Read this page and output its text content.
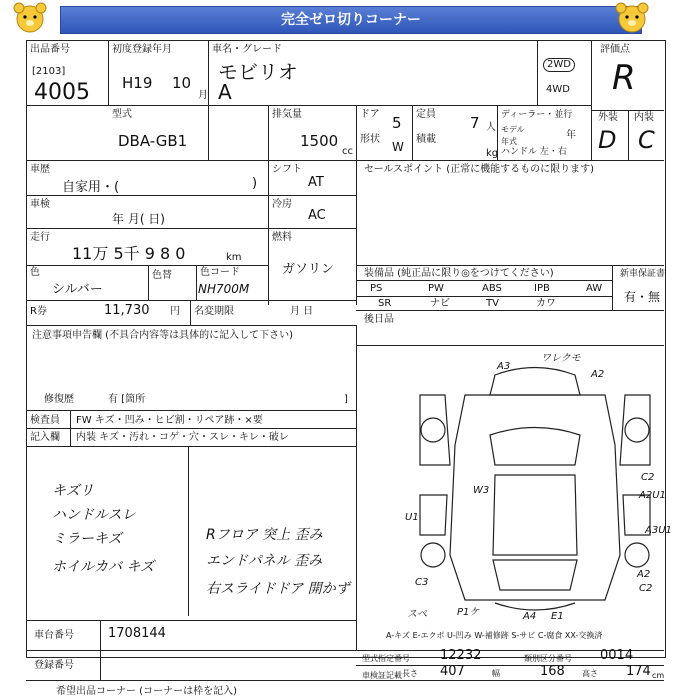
完全ゼロ切りコーナー
出品番号
[2103]
4005
初度登録年月
H19 10
月
車名・グレード
モビリオ
A
2WD
4WD
評価点
R
外装 内装
D C
型式
DBA-GB1
排気量
1500
cc
ドア 5 定員 7 人
形状
W
積載
kg
ディーラー・並行
モデル年式
年
ハンドル 左・右
車歴
自家用・(	)
シフト
AT
車検
年 月( 日)
冷房
AC
走行
11万 5千 9 8 0	km
燃料
ガソリン
色
シルバー
色替	色コード
NH700M
R券	11,730 円 名変期限	月 日
セールスポイント (正常に機能するものに限ります)
装備品 (純正品に限り◎をつけてください)	新車保証書
有・無
PS	PW	ABS	IPB	AW
SR	ナビ	TV	カワ
後日品
注意事項申告欄 (不具合内容等は具体的に記入して下さい)
修復歴	有 [箇所	]
検査員
記入欄
FW キズ・凹み・ヒビ割・リペア跡・×要
内装 キズ・汚れ・コゲ・穴・スレ・キレ・破レ
キズリ
ハンドルスレ
ミラーキズ
ホイルカバ キズ
Rフロア 突上 歪み
エンドパネル 歪み
右スライドドア 開かず
A3
ワレクモ
A2
W3
U1
C2
A2U1
A3U1
A2
C2
C3
スペ	P1ケ	A4 E1
A-キズ E-エクボ U-凹み W-補修跡 S-サビ C-腐食 XX-交換済
車台番号	1708144
登録番号
型式指定番号 12232	類別区分番号 0014
車検証記載 長さ 407	幅	168 高さ 174 cm
希望出品コーナー (コーナーは枠を記入)
